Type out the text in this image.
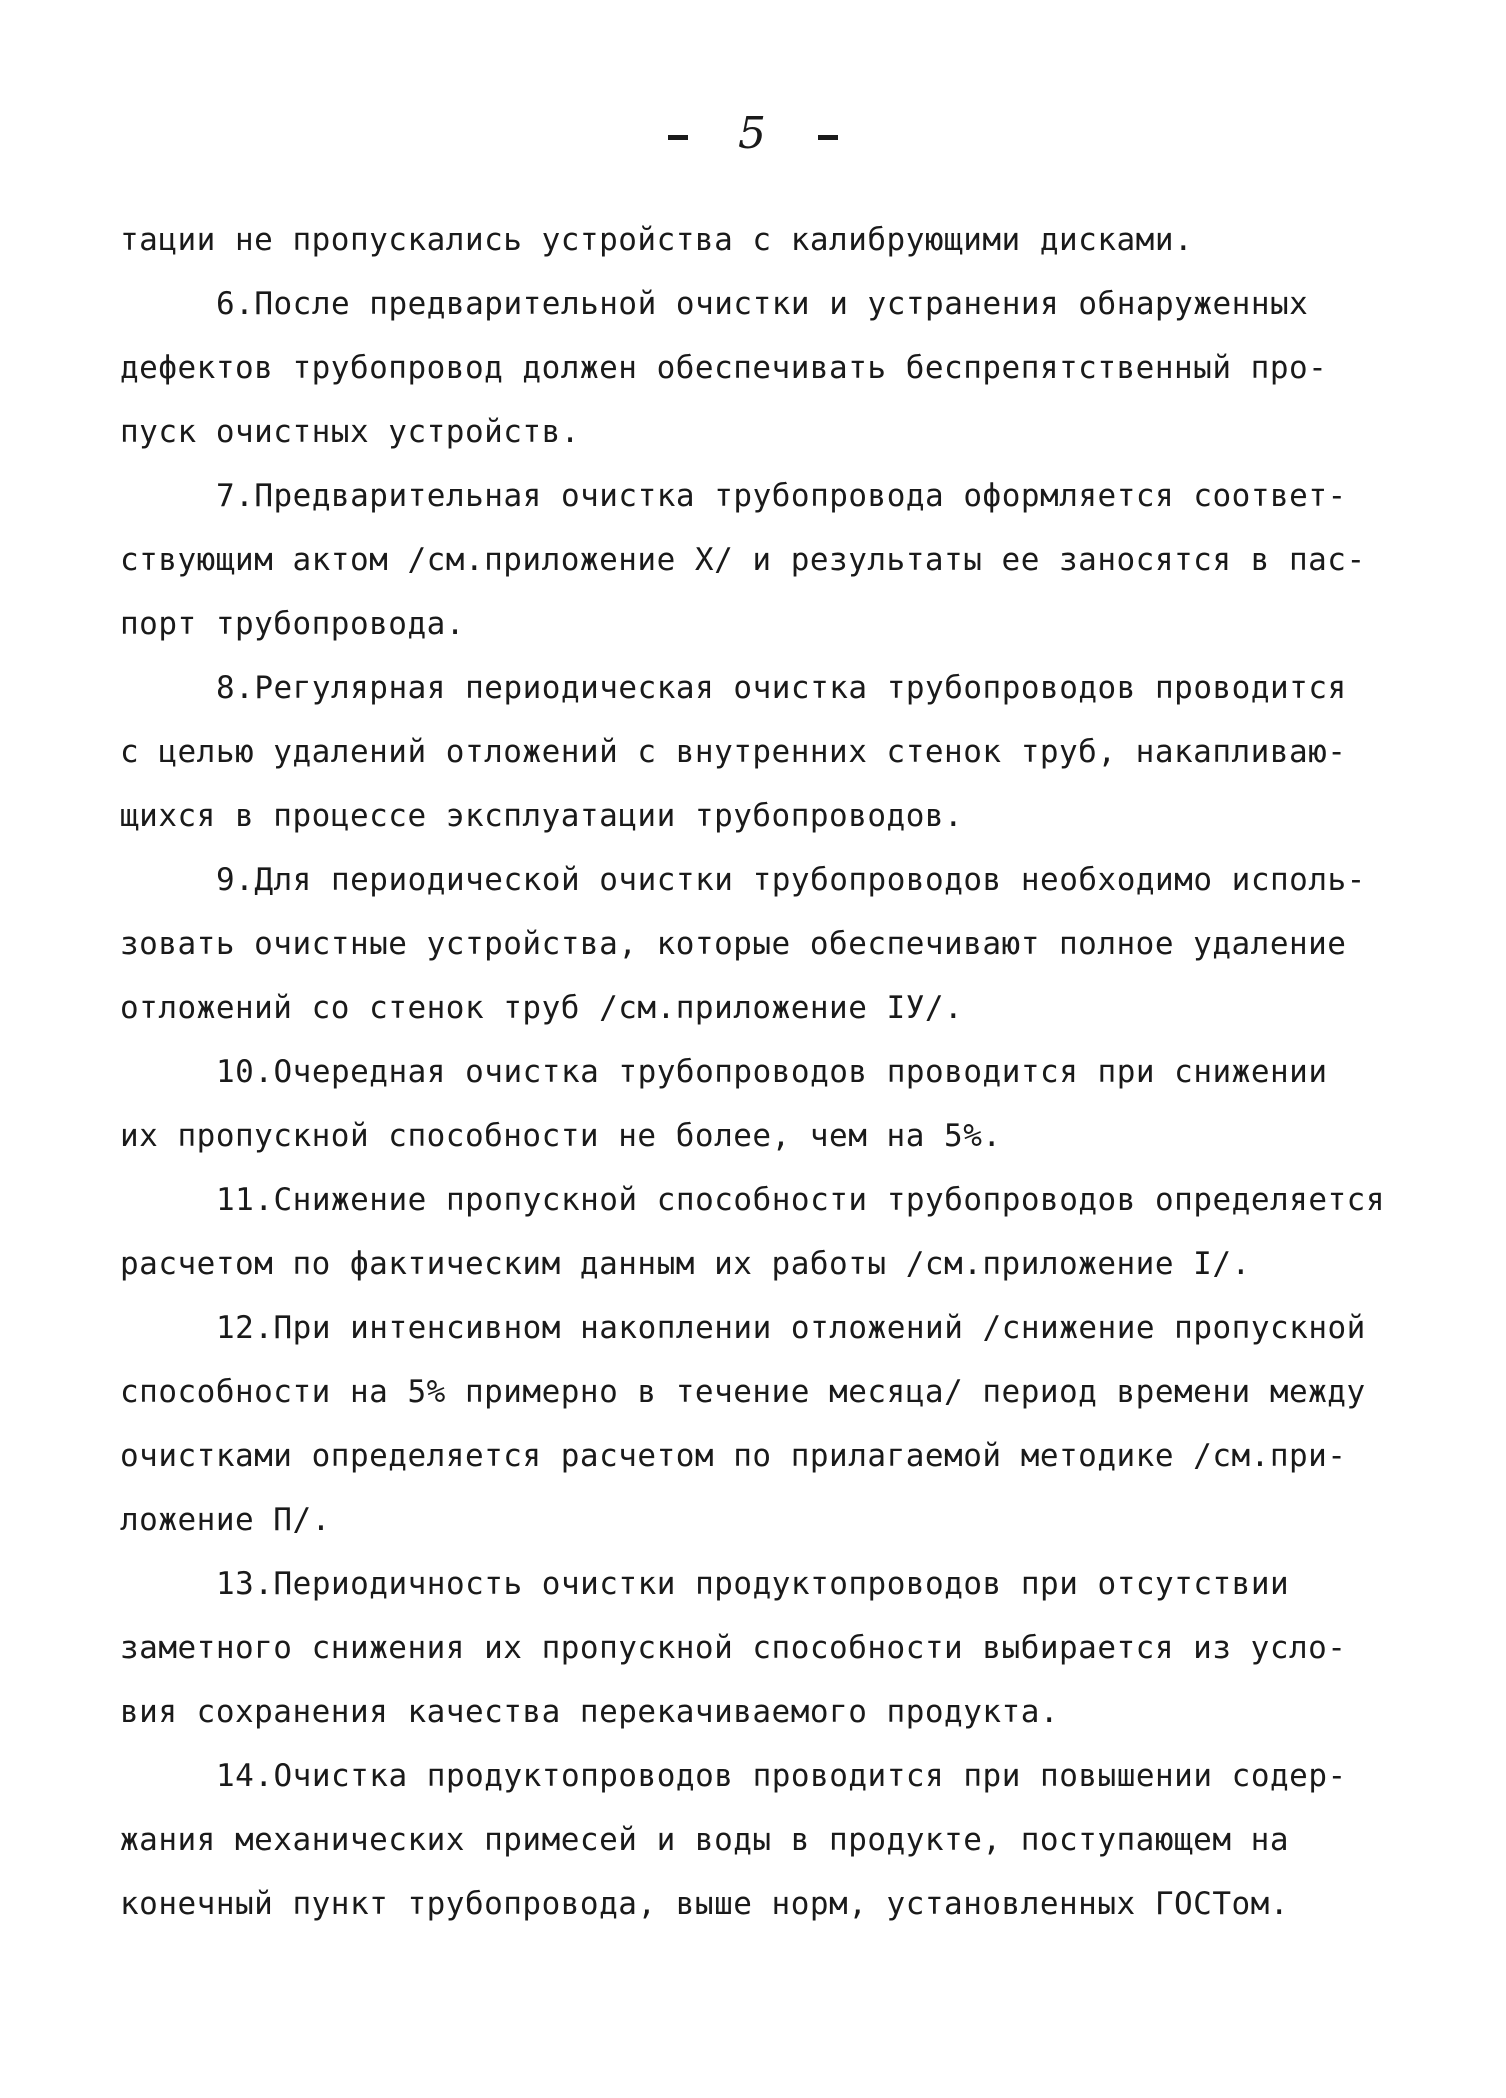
5
тации не пропускались устройства с калибрующими дисками.
6.После предварительной очистки и устранения обнаруженных
дефектов трубопровод должен обеспечивать беспрепятственный про-
пуск очистных устройств.
7.Предварительная очистка трубопровода оформляется соответ-
ствующим актом /см.приложение X/ и результаты ее заносятся в пас-
порт трубопровода.
8.Регулярная периодическая очистка трубопроводов проводится
с целью удалений отложений с внутренних стенок труб, накапливаю-
щихся в процессе эксплуатации трубопроводов.
9.Для периодической очистки трубопроводов необходимо исполь-
зовать очистные устройства, которые обеспечивают полное удаление
отложений со стенок труб /см.приложение IУ/.
10.Очередная очистка трубопроводов проводится при снижении
их пропускной способности не более, чем на 5%.
11.Снижение пропускной способности трубопроводов определяется
расчетом по фактическим данным их работы /см.приложение I/.
12.При интенсивном накоплении отложений /снижение пропускной
способности на 5% примерно в течение месяца/ период времени между
очистками определяется расчетом по прилагаемой методике /см.при-
ложение П/.
13.Периодичность очистки продуктопроводов при отсутствии
заметного снижения их пропускной способности выбирается из усло-
вия сохранения качества перекачиваемого продукта.
14.Очистка продуктопроводов проводится при повышении содер-
жания механических примесей и воды в продукте, поступающем на
конечный пункт трубопровода, выше норм, установленных ГОСТом.
